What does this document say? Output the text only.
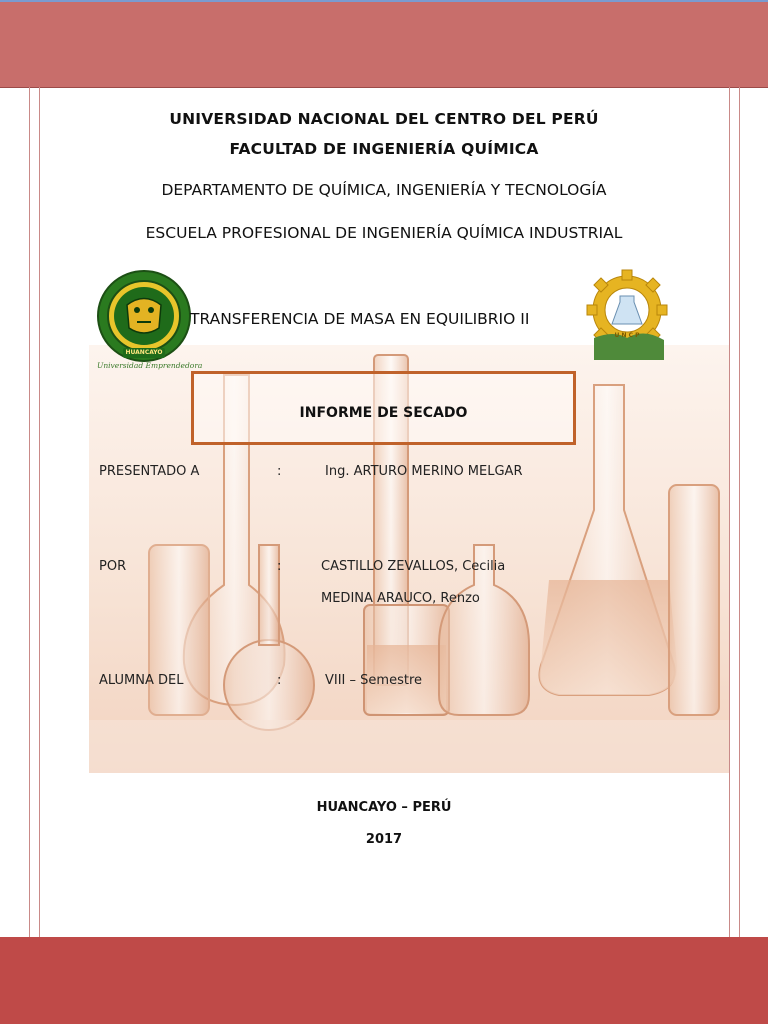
UNIVERSIDAD NACIONAL DEL CENTRO DEL PERÚ
FACULTAD DE INGENIERÍA QUÍMICA
DEPARTAMENTO DE QUÍMICA, INGENIERÍA Y TECNOLOGÍA
ESCUELA PROFESIONAL DE INGENIERÍA QUÍMICA INDUSTRIAL
HUANCAYO
Universidad Emprendedora
TRANSFERENCIA DE MASA EN EQUILIBRIO II
U N C P
INFORME DE SECADO
PRESENTADO A	:	Ing. ARTURO MERINO MELGAR
POR	:	CASTILLO ZEVALLOS, Cecilia
MEDINA ARAUCO, Renzo
ALUMNA DEL	:	VIII – Semestre
HUANCAYO – PERÚ
2017
